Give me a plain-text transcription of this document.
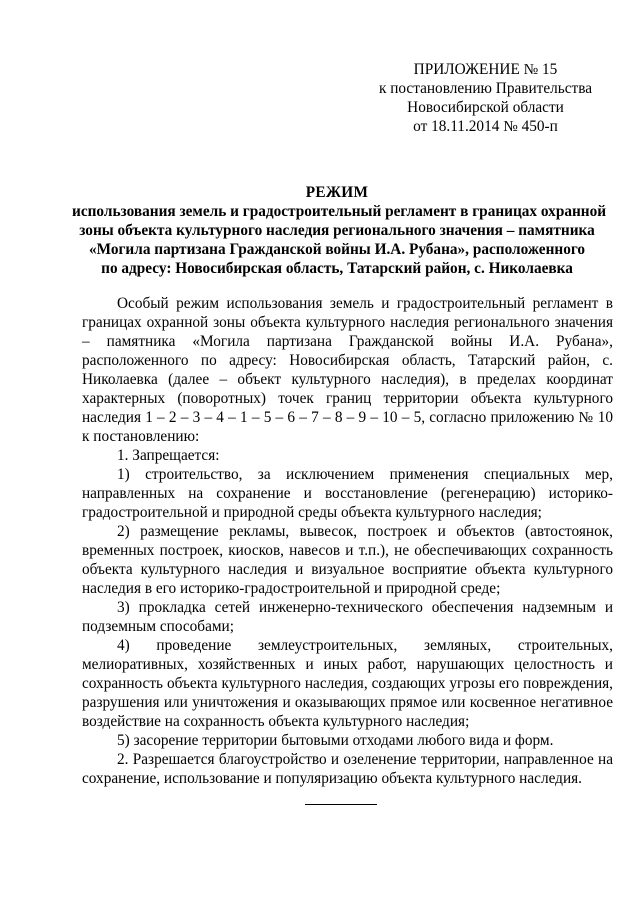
ПРИЛОЖЕНИЕ № 15
к постановлению Правительства
Новосибирской области
от 18.11.2014 № 450-п
РЕЖИМ
использования земель и градостроительный регламент в границах охранной
зоны объекта культурного наследия регионального значения – памятника
«Могила партизана Гражданской войны И.А. Рубана», расположенного
по адресу: Новосибирская область, Татарский район, с. Николаевка

Особый режим использования земель и градостроительный регламент в границах охранной зоны объекта культурного наследия регионального значения – памятника «Могила партизана Гражданской войны И.А. Рубана», расположенного по адресу: Новосибирская область, Татарский район, с. Николаевка (далее – объект культурного наследия), в пределах координат характерных (поворотных) точек границ территории объекта культурного наследия 1 – 2 – 3 – 4 – 1 – 5 – 6 – 7 – 8 – 9 – 10 – 5, согласно приложению № 10 к постановлению:

1. Запрещается:

1) строительство, за исключением применения специальных мер, направленных на сохранение и восстановление (регенерацию) историко-градостроительной и природной среды объекта культурного наследия;

2) размещение рекламы, вывесок, построек и объектов (автостоянок, временных построек, киосков, навесов и т.п.), не обеспечивающих сохранность объекта культурного наследия и визуальное восприятие объекта культурного наследия в его историко-градостроительной и природной среде;

3) прокладка сетей инженерно-технического обеспечения надземным и подземным способами;

4) проведение землеустроительных, земляных, строительных, мелиоративных, хозяйственных и иных работ, нарушающих целостность и сохранность объекта культурного наследия, создающих угрозы его повреждения, разрушения или уничтожения и оказывающих прямое или косвенное негативное воздействие на сохранность объекта культурного наследия;

5) засорение территории бытовыми отходами любого вида и форм.

2. Разрешается благоустройство и озеленение территории, направленное на сохранение, использование и популяризацию объекта культурного наследия.
